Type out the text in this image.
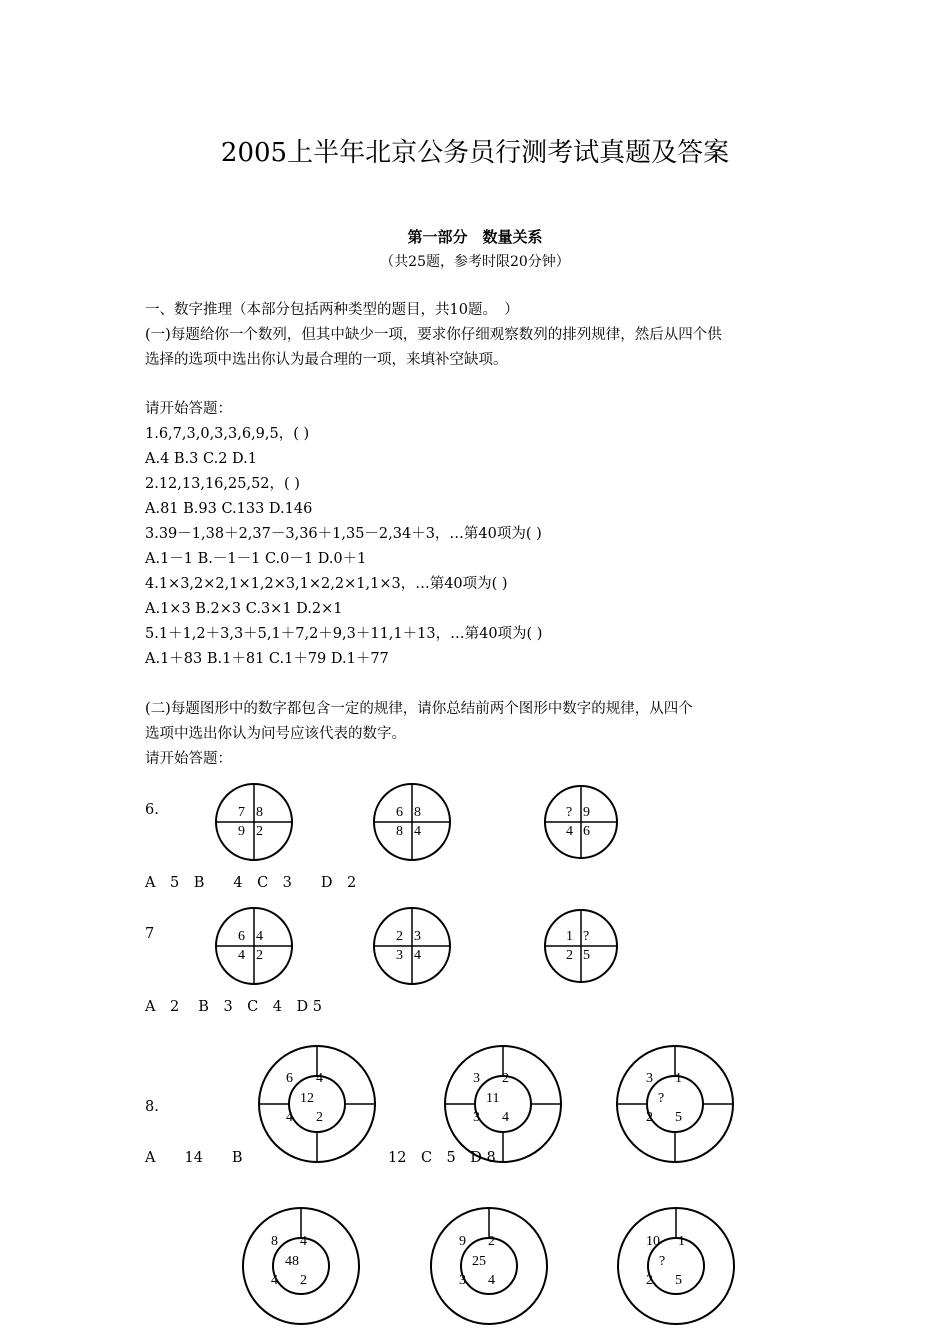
2005上半年北京公务员行测考试真题及答案
第一部分　数量关系
（共25题，参考时限20分钟）
一、数字推理（本部分包括两种类型的题目，共10题。　）
(一)每题给你一个数列，但其中缺少一项，要求你仔细观察数列的排列规律，然后从四个供
选择的选项中选出你认为最合理的一项，来填补空缺项。
请开始答题：
1.6,7,3,0,3,3,6,9,5，( )
A.4 B.3 C.2 D.1
2.12,13,16,25,52，( )
A.81 B.93 C.133 D.146
3.39－1,38＋2,37－3,36＋1,35－2,34＋3，…第40项为( )
A.1－1 B.－1－1 C.0－1 D.0＋1
4.1×3,2×2,1×1,2×3,1×2,2×1,1×3，…第40项为( )
A.1×3 B.2×3 C.3×1 D.2×1
5.1＋1,2＋3,3＋5,1＋7,2＋9,3＋11,1＋13，…第40项为( )
A.1＋83 B.1＋81 C.1＋79 D.1＋77
(二)每题图形中的数字都包含一定的规律，请你总结前两个图形中数字的规律，从四个
选项中选出你认为问号应该代表的数字。
请开始答题：
6.	7 8
9 2
6 8
8 4
? 9
4 6
A　5　B　　4　C　3　　D　2
7	6 4
4 2
2 3
3 4
1 ?
2 5
A　2　 B　3　C　4　D 5
8.
6 4
12
4 2
3 2
11
3 4
3 1
?
2 5
A　　14　　B	12　C　5　D 8
8 4
48
4 2
9 2
25
3 4
10 1
?
2 5
